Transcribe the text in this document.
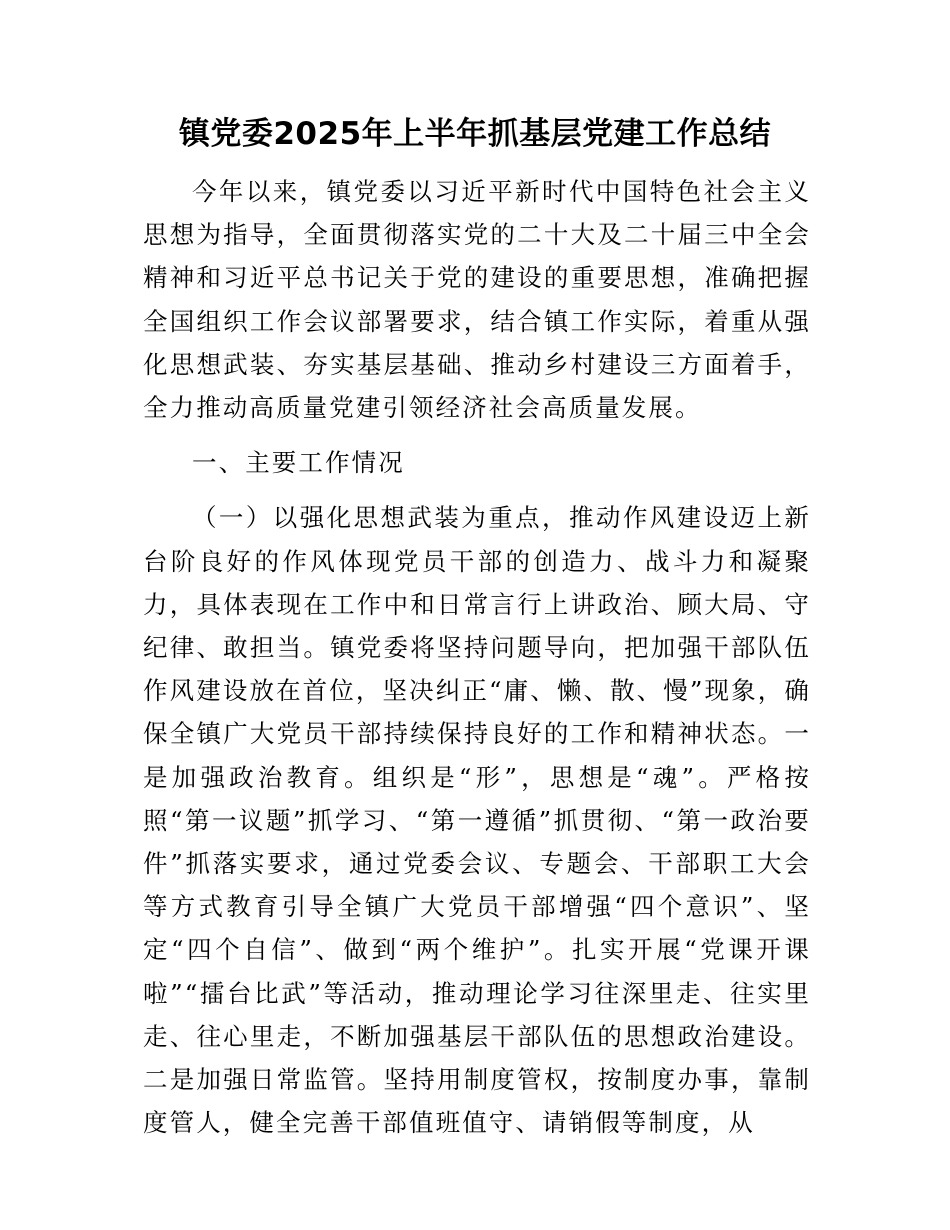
镇党委2025年上半年抓基层党建工作总结

今年以来，镇党委以习近平新时代中国特色社会主义思想为指导，全面贯彻落实党的二十大及二十届三中全会精神和习近平总书记关于党的建设的重要思想，准确把握全国组织工作会议部署要求，结合镇工作实际，着重从强化思想武装、夯实基层基础、推动乡村建设三方面着手，全力推动高质量党建引领经济社会高质量发展。

一、主要工作情况

（一）以强化思想武装为重点，推动作风建设迈上新台阶良好的作风体现党员干部的创造力、战斗力和凝聚力，具体表现在工作中和日常言行上讲政治、顾大局、守纪律、敢担当。镇党委将坚持问题导向，把加强干部队伍作风建设放在首位，坚决纠正“庸、懒、散、慢”现象，确保全镇广大党员干部持续保持良好的工作和精神状态。一是加强政治教育。组织是“形”，思想是“魂”。严格按照“第一议题”抓学习、“第一遵循”抓贯彻、“第一政治要件”抓落实要求，通过党委会议、专题会、干部职工大会等方式教育引导全镇广大党员干部增强“四个意识”、坚定“四个自信”、做到“两个维护”。扎实开展“党课开课啦”“擂台比武”等活动，推动理论学习往深里走、往实里走、往心里走，不断加强基层干部队伍的思想政治建设。二是加强日常监管。坚持用制度管权，按制度办事，靠制度管人，健全完善干部值班值守、请销假等制度，从
